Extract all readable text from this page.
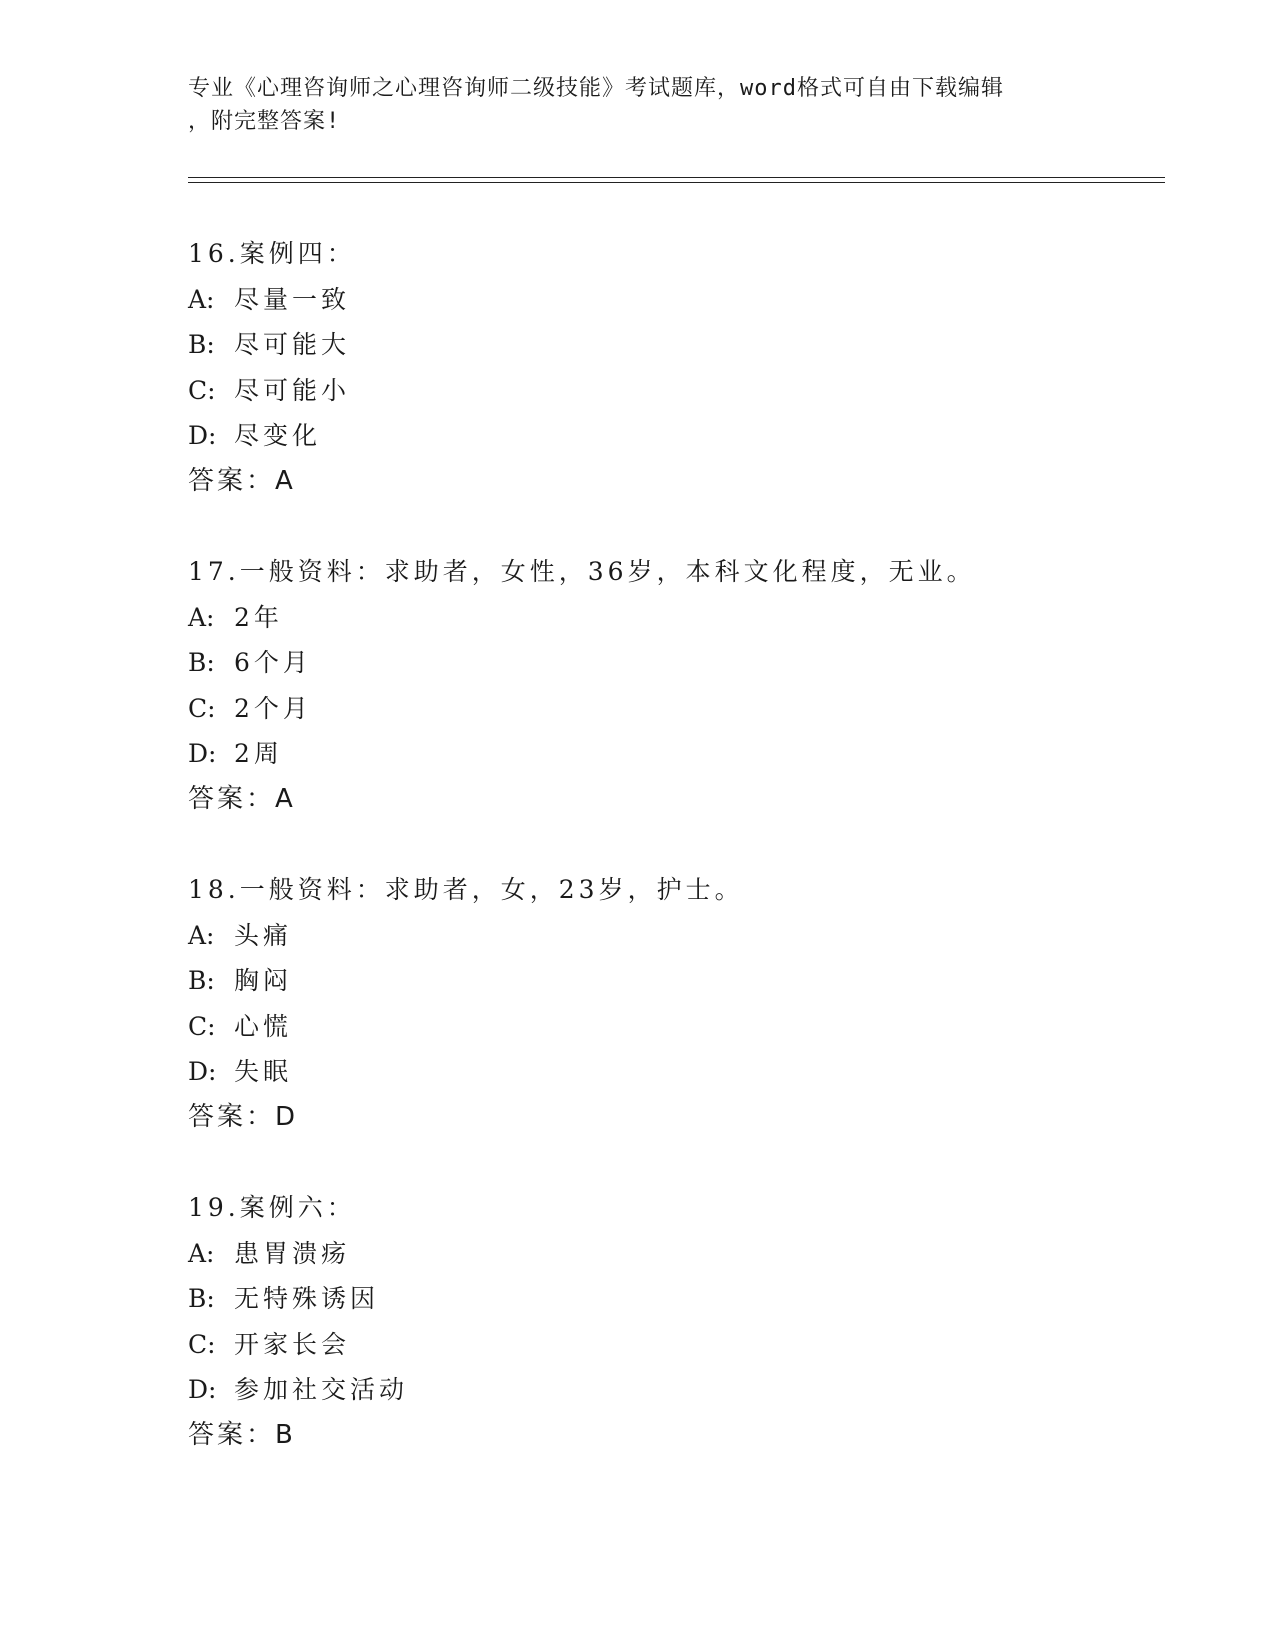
专业《心理咨询师之心理咨询师二级技能》考试题库，word格式可自由下载编辑
，附完整答案!
16.案例四：
A: 尽量一致
B: 尽可能大
C: 尽可能小
D: 尽变化
答案：A
17.一般资料：求助者，女性，36岁，本科文化程度，无业。
A: 2年
B: 6个月
C: 2个月
D: 2周
答案：A
18.一般资料：求助者，女，23岁，护士。
A: 头痛
B: 胸闷
C: 心慌
D: 失眠
答案：D
19.案例六：
A: 患胃溃疡
B: 无特殊诱因
C: 开家长会
D: 参加社交活动
答案：B
